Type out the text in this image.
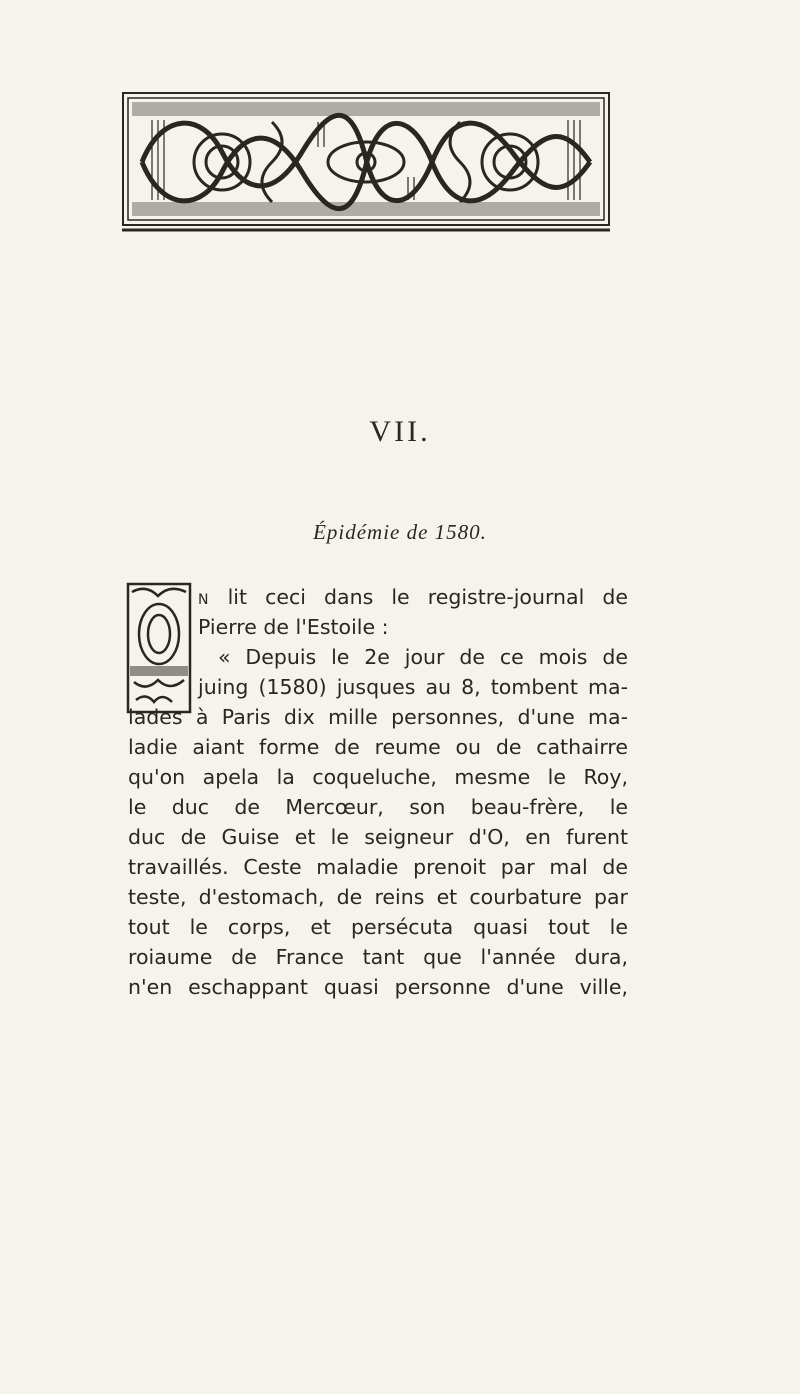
VII.
Épidémie de 1580.
N lit ceci dans le registre-journal de
Pierre de l'Estoile :
« Depuis le 2e jour de ce mois de
juing (1580) jusques au 8, tombent ma-
lades à Paris dix mille personnes, d'une ma-
ladie aiant forme de reume ou de cathairre
qu'on apela la coqueluche, mesme le Roy,
le duc de Mercœur, son beau-frère, le
duc de Guise et le seigneur d'O, en furent
travaillés. Ceste maladie prenoit par mal de
teste, d'estomach, de reins et courbature par
tout le corps, et persécuta quasi tout le
roiaume de France tant que l'année dura,
n'en eschappant quasi personne d'une ville,
